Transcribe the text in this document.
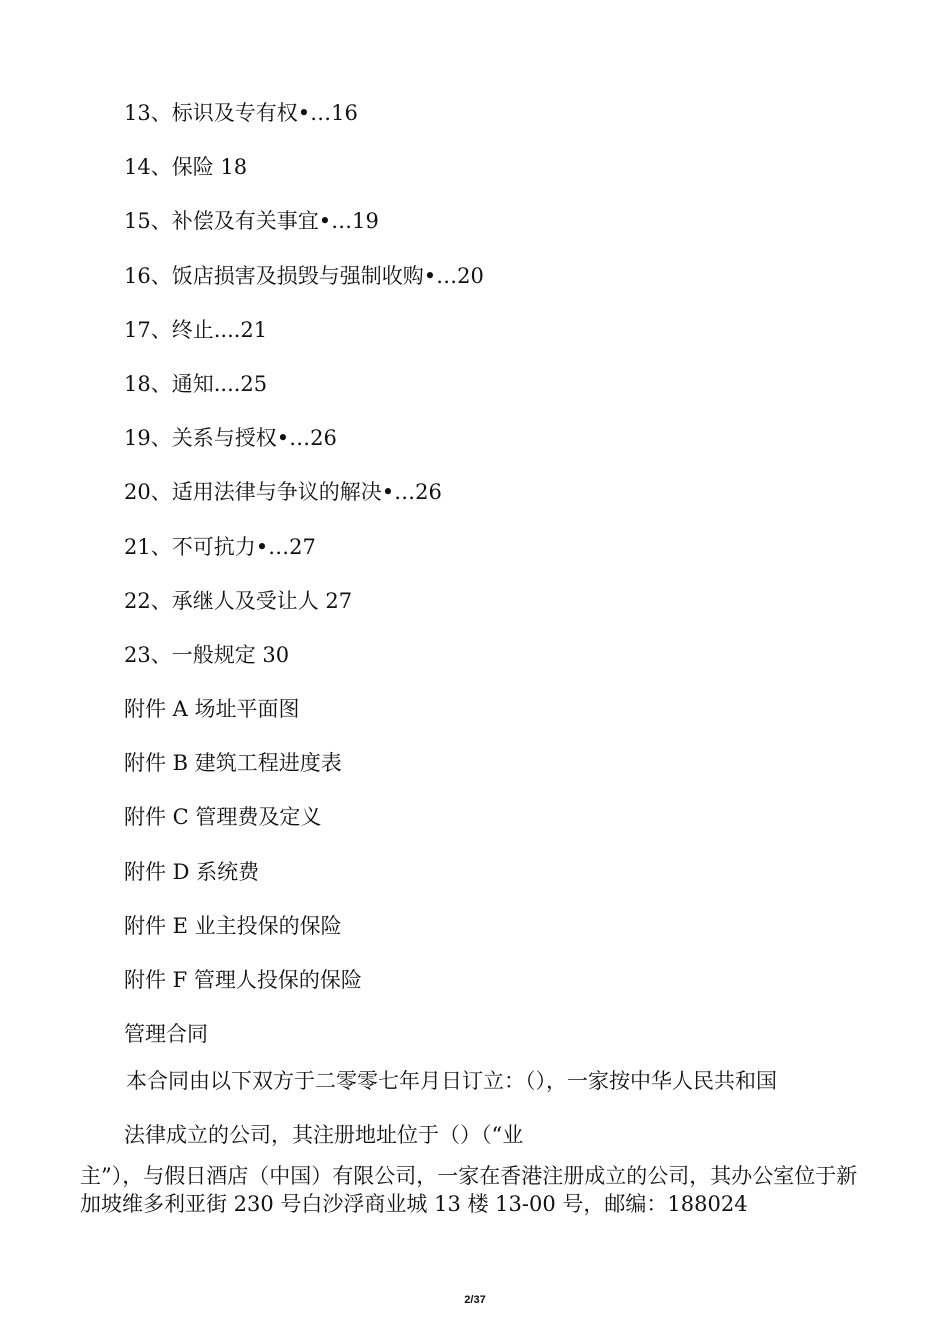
13、标识及专有权•…16
14、保险 18
15、补偿及有关事宜•…19
16、饭店损害及损毁与强制收购•…20
17、终止....21
18、通知....25
19、关系与授权•…26
20、适用法律与争议的解决•…26
21、不可抗力•…27
22、承继人及受让人 27
23、一般规定 30
附件 A 场址平面图
附件 B 建筑工程进度表
附件 C 管理费及定义
附件 D 系统费
附件 E 业主投保的保险
附件 F 管理人投保的保险
管理合同
本合同由以下双方于二零零七年月日订立：（），一家按中华人民共和国
法律成立的公司，其注册地址位于（）（“业
主”），与假日酒店（中国）有限公司，一家在香港注册成立的公司，其办公室位于新加坡维多利亚街 230 号白沙浮商业城 13 楼 13-00 号，邮编：188024
2/37
